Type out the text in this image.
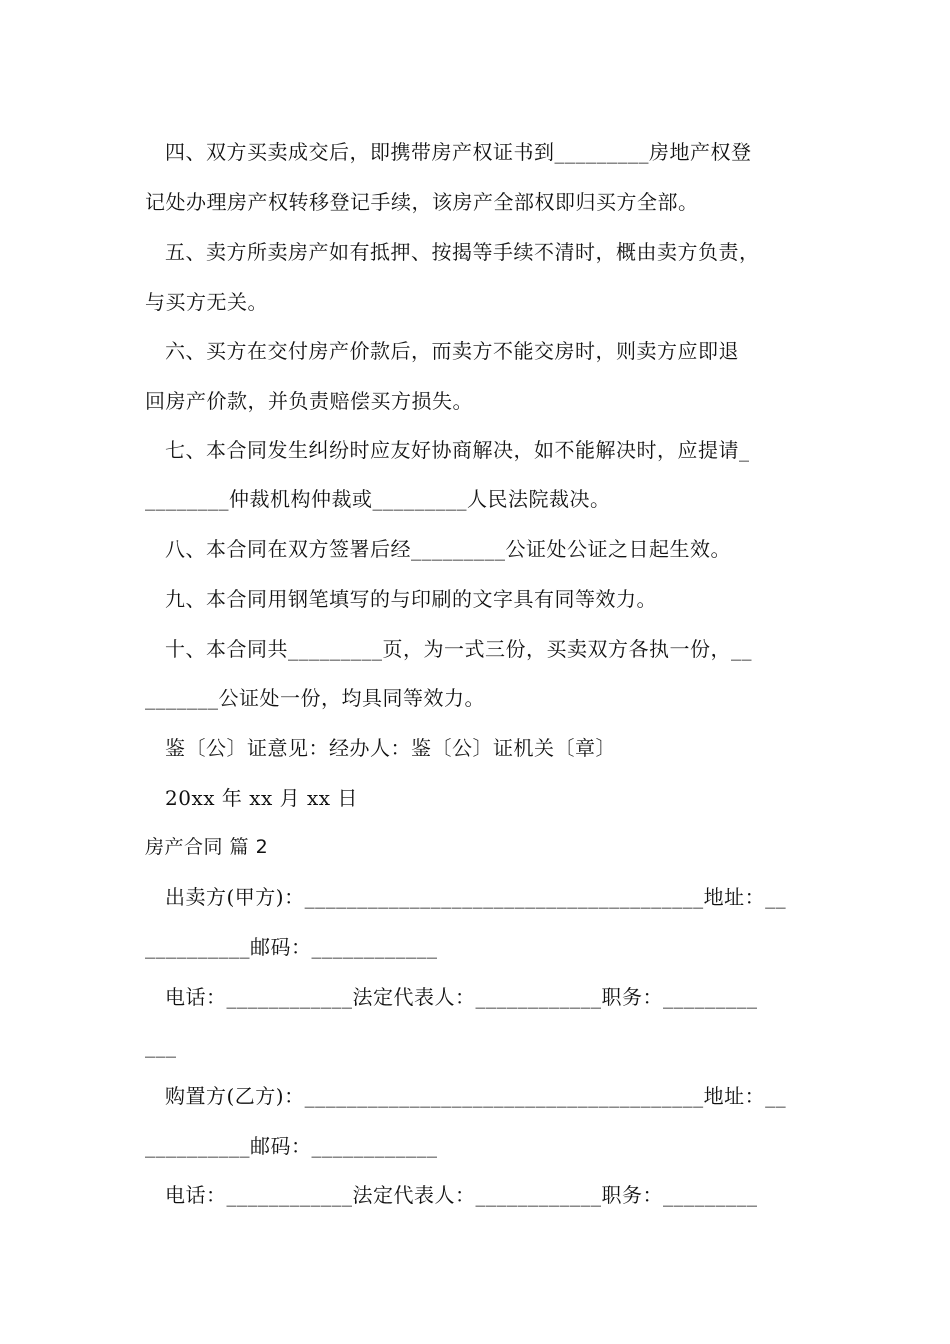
四、双方买卖成交后，即携带房产权证书到_________房地产权登
记处办理房产权转移登记手续，该房产全部权即归买方全部。
五、卖方所卖房产如有抵押、按揭等手续不清时，概由卖方负责，
与买方无关。
六、买方在交付房产价款后，而卖方不能交房时，则卖方应即退
回房产价款，并负责赔偿买方损失。
七、本合同发生纠纷时应友好协商解决，如不能解决时，应提请_
________仲裁机构仲裁或_________人民法院裁决。
八、本合同在双方签署后经_________公证处公证之日起生效。
九、本合同用钢笔填写的与印刷的文字具有同等效力。
十、本合同共_________页，为一式三份，买卖双方各执一份，__
_______公证处一份，均具同等效力。
鉴〔公〕证意见：经办人：鉴〔公〕证机关〔章〕
20xx 年 xx 月 xx 日
房产合同 篇 2
出卖方(甲方)：______________________________________地址：__
__________邮码：____________
电话：____________法定代表人：____________职务：_________
___
购置方(乙方)：______________________________________地址：__
__________邮码：____________
电话：____________法定代表人：____________职务：_________
